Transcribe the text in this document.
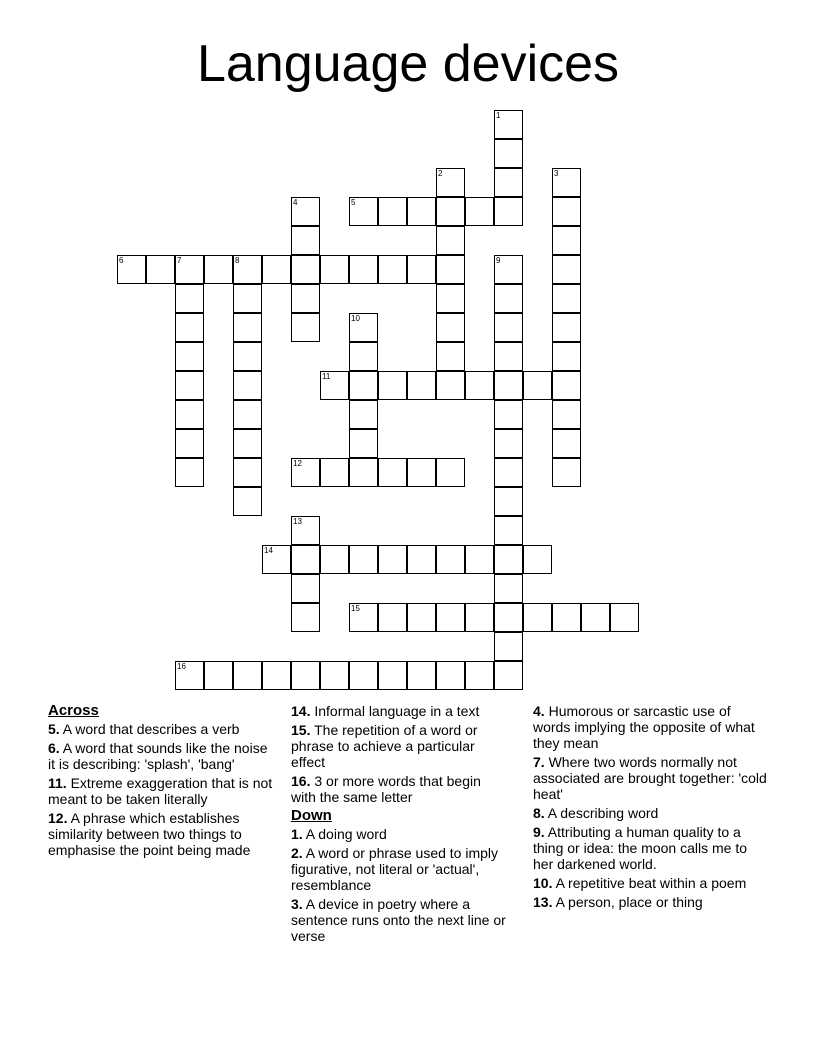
Language devices
1
2	3
4	5
6	7	8	9
10
11
12
13
14
15
16
Across
5. A word that describes a verb
6. A word that sounds like the noise it is describing: 'splash', 'bang'
11. Extreme exaggeration that is not meant to be taken literally
12. A phrase which establishes similarity between two things to emphasise the point being made
14. Informal language in a text
15. The repetition of a word or phrase to achieve a particular effect
16. 3 or more words that begin with the same letter
Down
1. A doing word
2. A word or phrase used to imply figurative, not literal or 'actual', resemblance
3. A device in poetry where a sentence runs onto the next line or verse
4. Humorous or sarcastic use of words implying the opposite of what they mean
7. Where two words normally not associated are brought together: 'cold heat'
8. A describing word
9. Attributing a human quality to a thing or idea: the moon calls me to her darkened world.
10. A repetitive beat within a poem
13. A person, place or thing
